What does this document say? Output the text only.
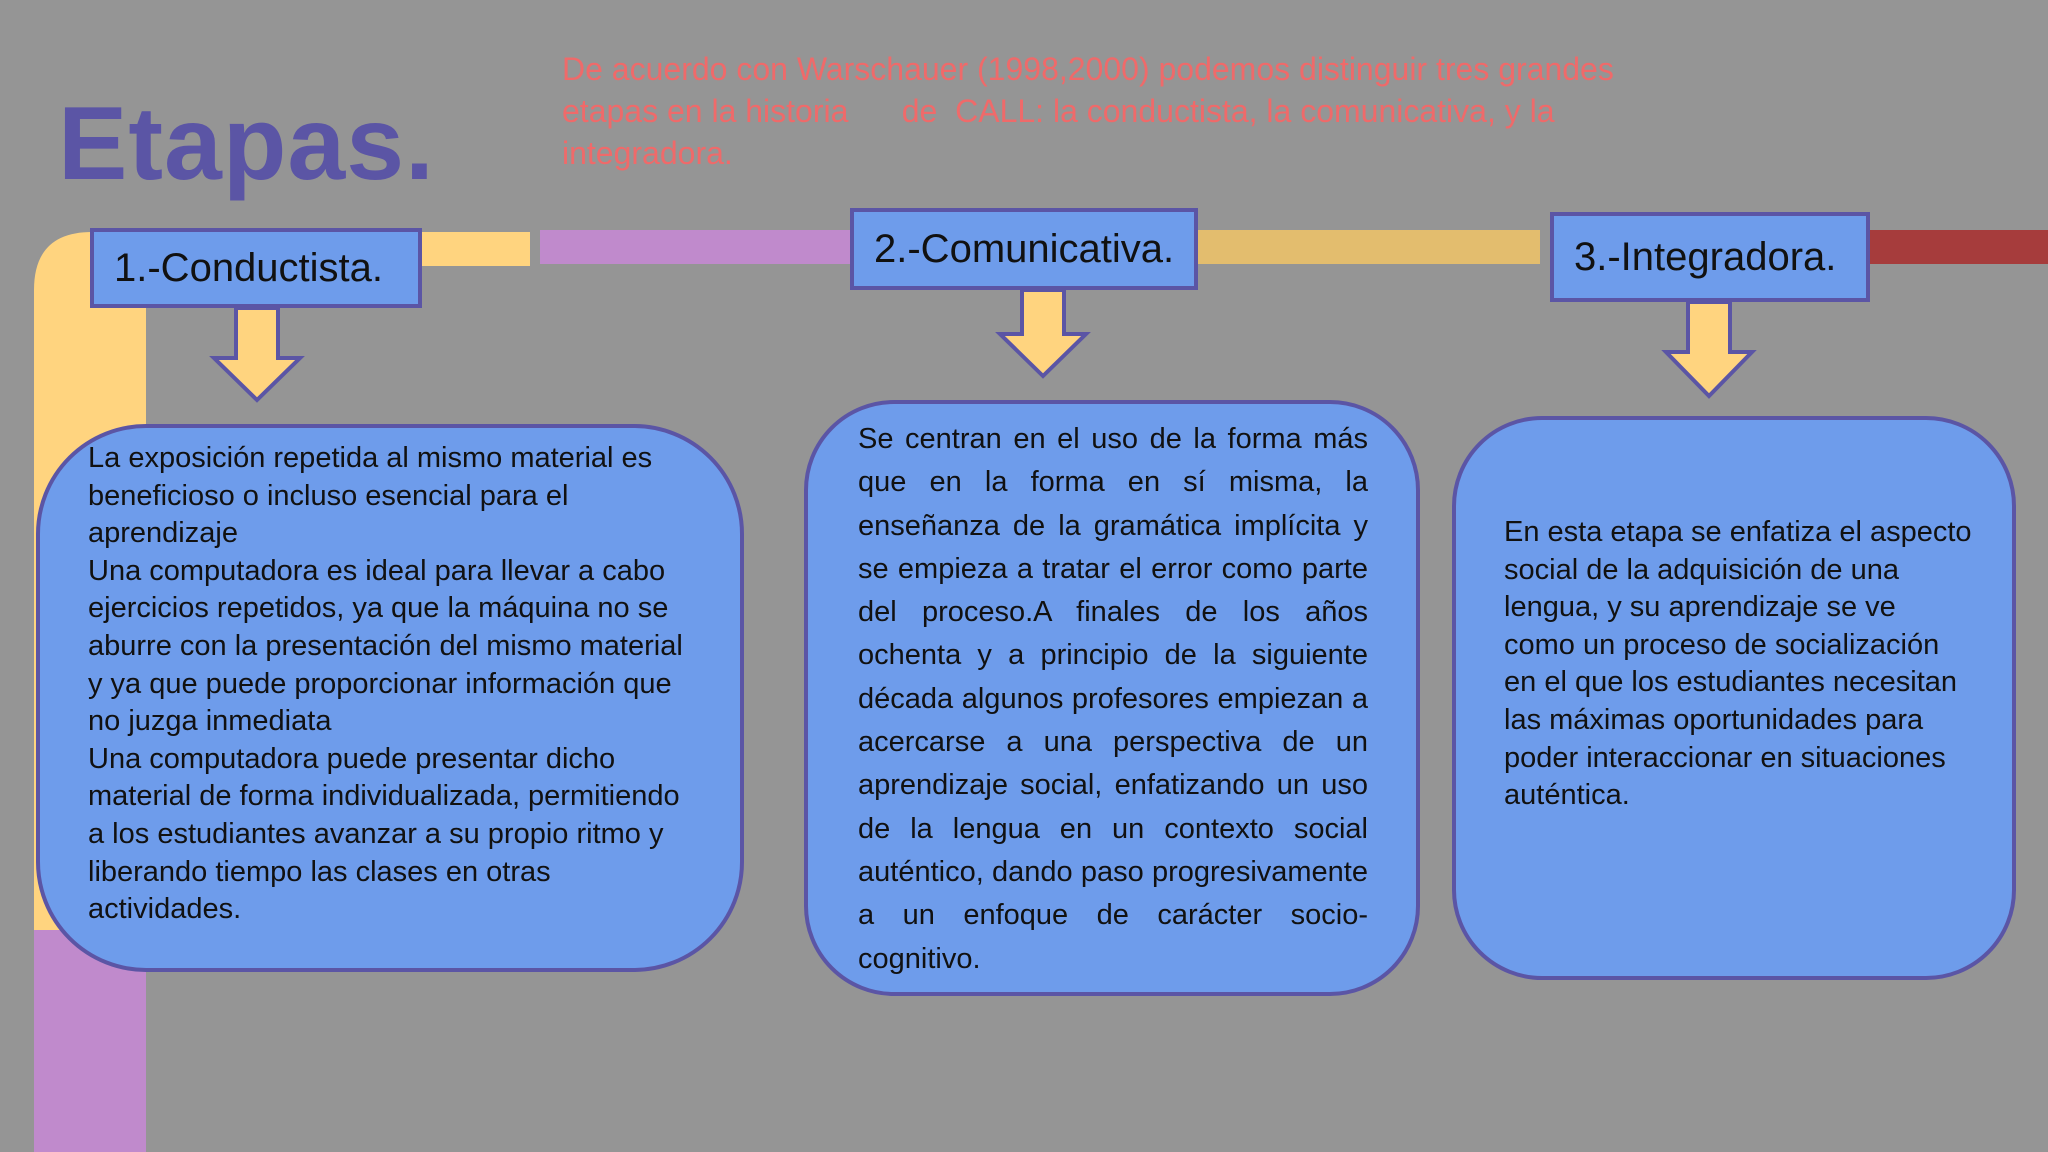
Etapas.
De acuerdo con Warschauer (1998,2000) podemos distinguir tres grandes
etapas en la historia      de  CALL: la conductista, la comunicativa, y la
integradora.
1.-Conductista.

La exposición repetida al mismo material es beneficioso o incluso esencial para el aprendizaje

Una computadora es ideal para llevar a cabo ejercicios repetidos, ya que la máquina no se aburre con la presentación del mismo material y ya que puede proporcionar información que no juzga inmediata

Una computadora puede presentar dicho material de forma individualizada, permitiendo a los estudiantes avanzar a su propio ritmo y liberando tiempo las clases en otras actividades.

2.-Comunicativa.

Se centran en el uso de la forma más que en la forma en sí misma, la enseñanza de la gramática implícita y se empieza a tratar el error como parte del proceso.A finales de los años ochenta y a principio de la siguiente década algunos profesores empiezan a acercarse a una perspectiva de un aprendizaje social, enfatizando un uso de la lengua en un contexto social auténtico, dando paso progresivamente a un enfoque de carácter socio-cognitivo.

3.-Integradora.

En esta etapa se enfatiza el aspecto social de la adquisición de una lengua, y su aprendizaje se ve como un proceso de socialización en el que los estudiantes necesitan las máximas oportunidades para poder interaccionar en situaciones auténtica.
